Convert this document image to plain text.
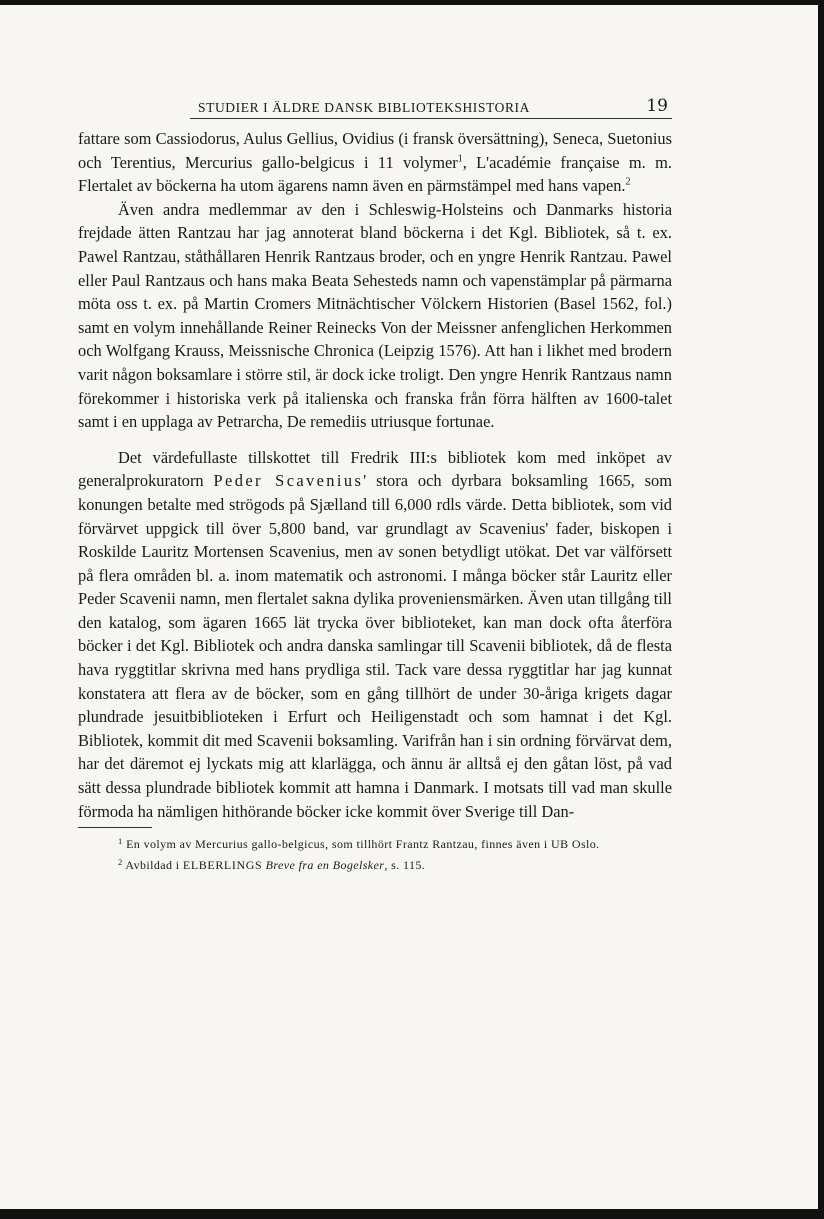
STUDIER I ÄLDRE DANSK BIBLIOTEKSHISTORIA	19

fattare som Cassiodorus, Aulus Gellius, Ovidius (i fransk översättning), Seneca, Suetonius och Terentius, Mercurius gallo-belgicus i 11 volymer$^1$, L'académie française m. m. Flertalet av böckerna ha utom ägarens namn även en pärmstämpel med hans vapen.$^2$

Även andra medlemmar av den i Schleswig-Holsteins och Danmarks historia frejdade ätten Rantzau har jag annoterat bland böckerna i det Kgl. Bibliotek, så t. ex. Pawel Rantzau, ståthållaren Henrik Rantzaus broder, och en yngre Henrik Rantzau. Pawel eller Paul Rantzaus och hans maka Beata Sehesteds namn och vapenstämplar på pärmarna möta oss t. ex. på Martin Cromers Mitnächtischer Völckern Historien (Basel 1562, fol.) samt en volym innehållande Reiner Reinecks Von der Meissner anfenglichen Herkommen och Wolfgang Krauss, Meissnische Chronica (Leipzig 1576). Att han i likhet med brodern varit någon boksamlare i större stil, är dock icke troligt. Den yngre Henrik Rantzaus namn förekommer i historiska verk på italienska och franska från förra hälften av 1600-talet samt i en upplaga av Petrarcha, De remediis utriusque fortunae.

Det värdefullaste tillskottet till Fredrik III:s bibliotek kom med inköpet av generalprokuratorn Peder Scavenius' stora och dyrbara boksamling 1665, som konungen betalte med strögods på Sjælland till 6,000 rdls värde. Detta bibliotek, som vid förvärvet uppgick till över 5,800 band, var grundlagt av Scavenius' fader, biskopen i Roskilde Lauritz Mortensen Scavenius, men av sonen betydligt utökat. Det var välförsett på flera områden bl. a. inom matematik och astronomi. I många böcker står Lauritz eller Peder Scavenii namn, men flertalet sakna dylika proveniensmärken. Även utan tillgång till den katalog, som ägaren 1665 lät trycka över biblioteket, kan man dock ofta återföra böcker i det Kgl. Bibliotek och andra danska samlingar till Scavenii bibliotek, då de flesta hava ryggtitlar skrivna med hans prydliga stil. Tack vare dessa ryggtitlar har jag kunnat konstatera att flera av de böcker, som en gång tillhört de under 30-åriga krigets dagar plundrade jesuitbiblioteken i Erfurt och Heiligenstadt och som hamnat i det Kgl. Bibliotek, kommit dit med Scavenii boksamling. Varifrån han i sin ordning förvärvat dem, har det däremot ej lyckats mig att klarlägga, och ännu är alltså ej den gåtan löst, på vad sätt dessa plundrade bibliotek kommit att hamna i Danmark. I motsats till vad man skulle förmoda ha nämligen hithörande böcker icke kommit över Sverige till Dan-

$^1$ En volym av Mercurius gallo-belgicus, som tillhört Frantz Rantzau, finnes även i UB Oslo.
$^2$ Avbildad i ELBERLINGS Breve fra en Bogelsker, s. 115.
